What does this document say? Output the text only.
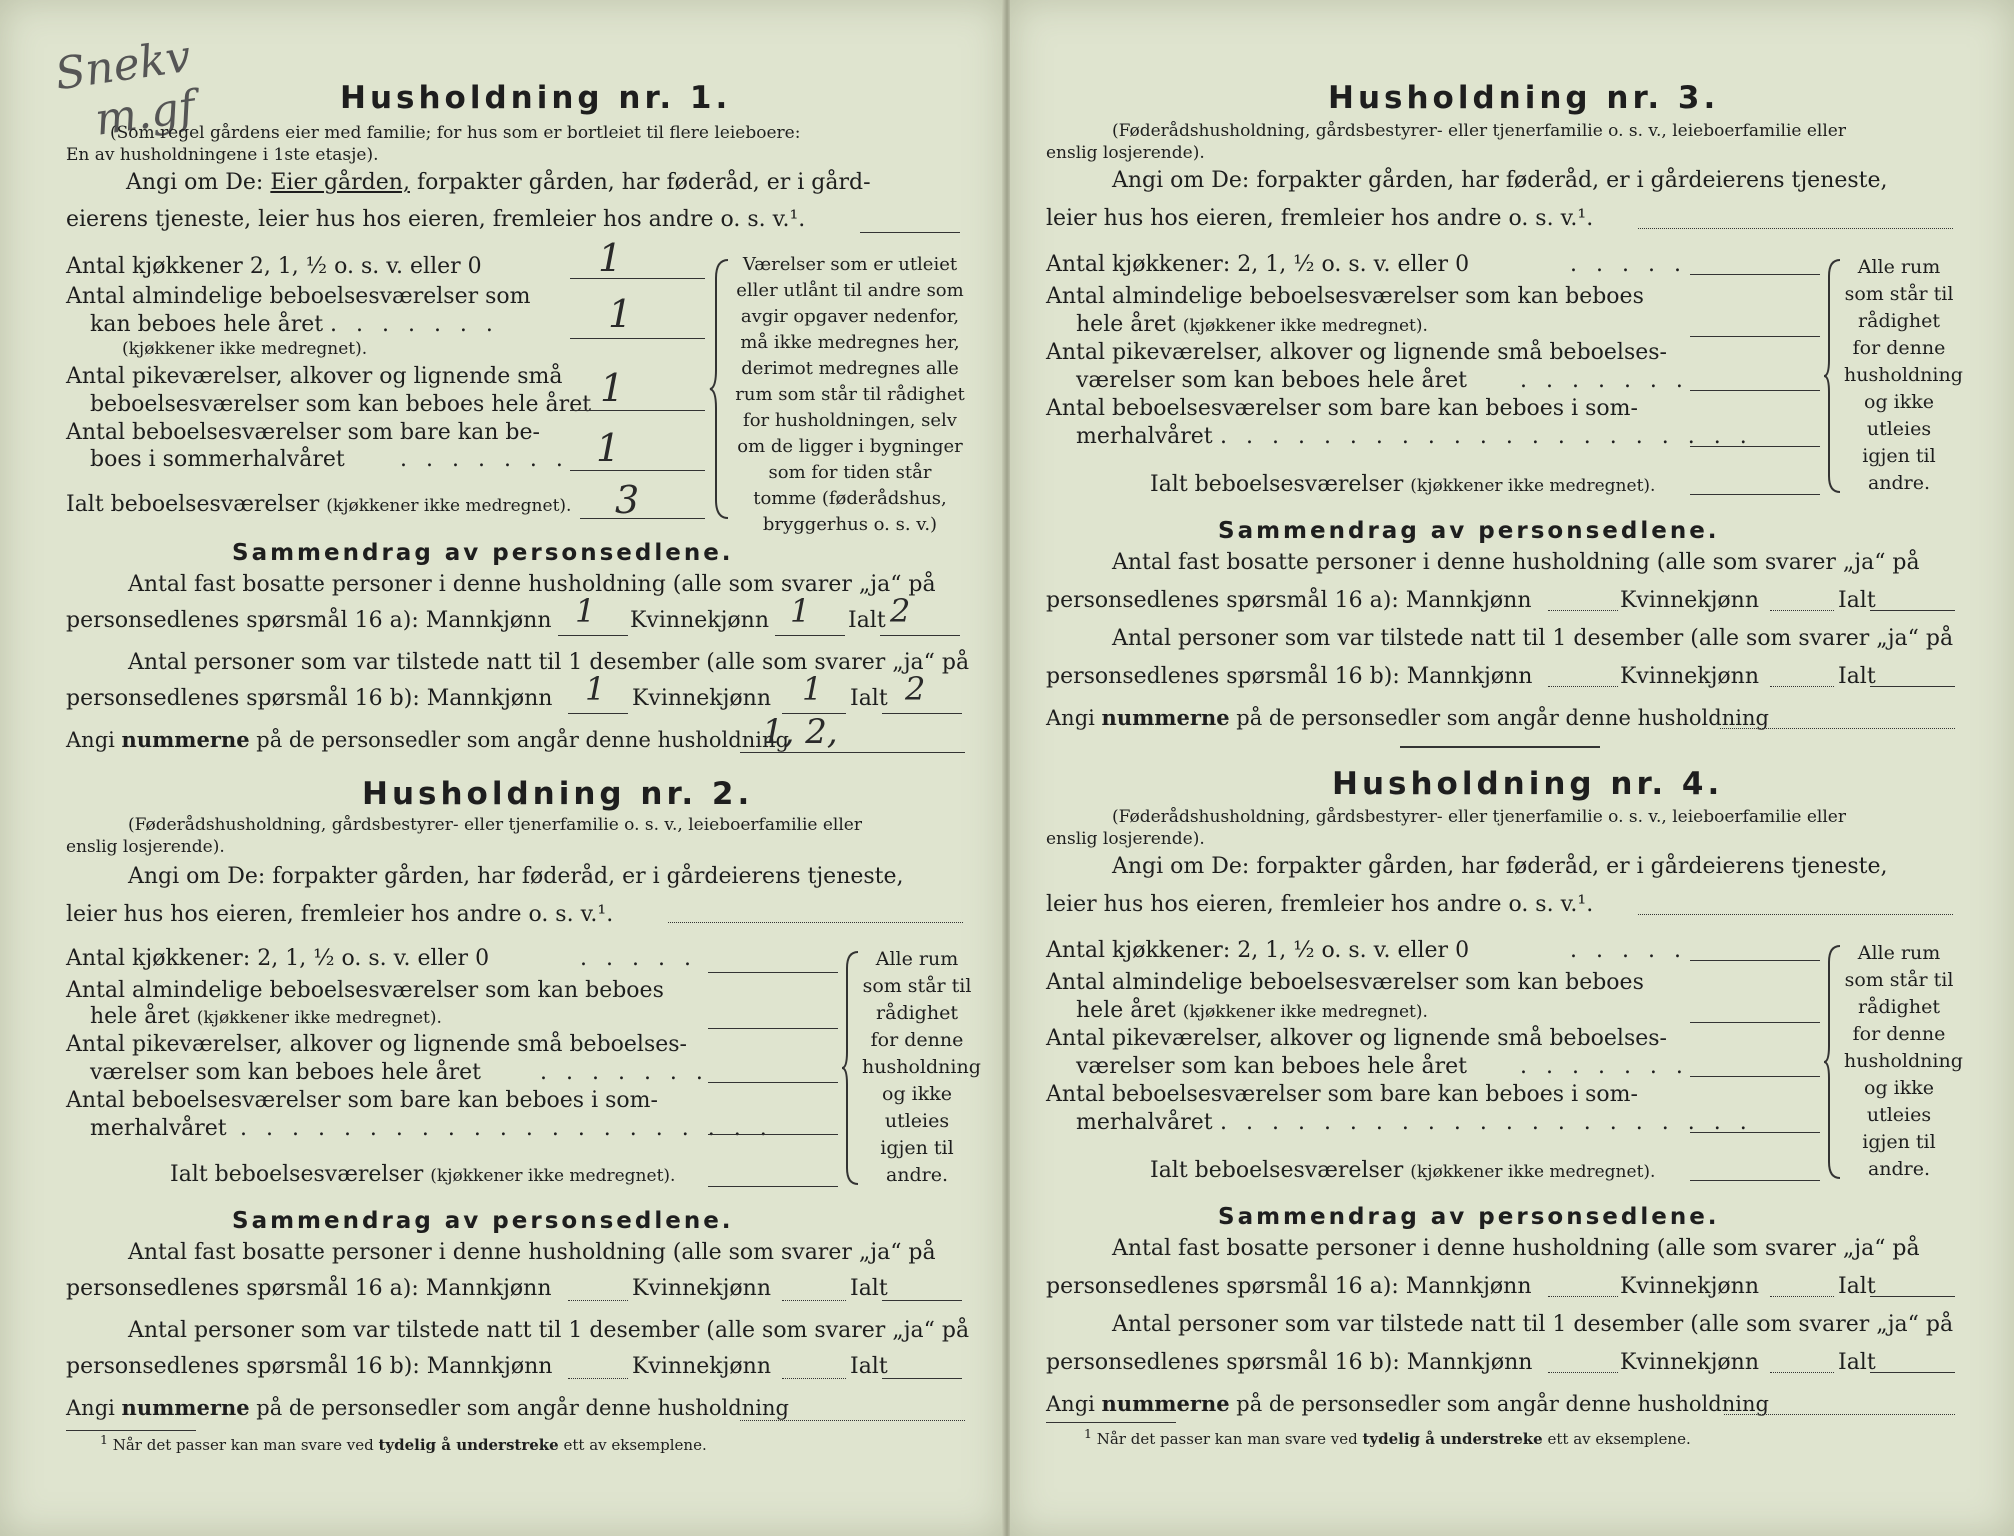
Snekv
m.gf	Husholdning nr. 1.
(Som regel gårdens eier med familie; for hus som er bortleiet til flere leieboere:
En av husholdningene i 1ste etasje).
Angi om De: Eier gården, forpakter gården, har føderåd, er i gård-
eierens tjeneste, leier hus hos eieren, fremleier hos andre o. s. v.¹.
Antal kjøkkener 2, 1, ½ o. s. v. eller 0	1
Antal almindelige beboelsesværelser som
kan beboes hele året . . . . . . .
(kjøkkener ikke medregnet).
1
Antal pikeværelser, alkover og lignende små
beboelsesværelser som kan beboes hele året 1
Antal beboelsesværelser som bare kan be-
boes i sommerhalvåret	. . . . . . . 1
Ialt beboelsesværelser (kjøkkener ikke medregnet). 3
Værelser som er utleiet eller utlånt til andre som avgir opgaver nedenfor, må ikke medregnes her, derimot medregnes alle rum som står til rådighet for husholdningen, selv om de ligger i bygninger som for tiden står tomme (føderådshus, bryggerhus o. s. v.)
Sammendrag av personsedlene.
Antal fast bosatte personer i denne husholdning (alle som svarer „ja“ på
personsedlenes spørsmål 16 a): Mannkjønn 1 Kvinnekjønn 1 Ialt 2
Antal personer som var tilstede natt til 1 desember (alle som svarer „ja“ på
personsedlenes spørsmål 16 b): Mannkjønn 1 Kvinnekjønn 1 Ialt 2
Angi nummerne på de personsedler som angår denne husholdning
1, 2,
Husholdning nr. 2.
(Føderådshusholdning, gårdsbestyrer- eller tjenerfamilie o. s. v., leieboerfamilie eller
enslig losjerende).
Angi om De: forpakter gården, har føderåd, er i gårdeierens tjeneste,
leier hus hos eieren, fremleier hos andre o. s. v.¹.
Antal kjøkkener: 2, 1, ½ o. s. v. eller 0	. . . . .
Antal almindelige beboelsesværelser som kan beboes
hele året (kjøkkener ikke medregnet).
Antal pikeværelser, alkover og lignende små beboelses-
værelser som kan beboes hele året	. . . . . . .
Antal beboelsesværelser som bare kan beboes i som-
merhalvåret . . . . . . . . . . . . . . . . . . . . .
Ialt beboelsesværelser (kjøkkener ikke medregnet).
Alle rum som står til rådighet for denne husholdning og ikke utleies igjen til andre.
Sammendrag av personsedlene.
Antal fast bosatte personer i denne husholdning (alle som svarer „ja“ på
personsedlenes spørsmål 16 a): Mannkjønn	Kvinnekjønn	Ialt
Antal personer som var tilstede natt til 1 desember (alle som svarer „ja“ på
personsedlenes spørsmål 16 b): Mannkjønn	Kvinnekjønn	Ialt
Angi nummerne på de personsedler som angår denne husholdning
$^1$ Når det passer kan man svare ved tydelig å understreke ett av eksemplene.
Husholdning nr. 3.
(Føderådshusholdning, gårdsbestyrer- eller tjenerfamilie o. s. v., leieboerfamilie eller
enslig losjerende).
Angi om De: forpakter gården, har føderåd, er i gårdeierens tjeneste,
leier hus hos eieren, fremleier hos andre o. s. v.¹.
Antal kjøkkener: 2, 1, ½ o. s. v. eller 0	. . . . .
Antal almindelige beboelsesværelser som kan beboes
hele året (kjøkkener ikke medregnet).
Antal pikeværelser, alkover og lignende små beboelses-
værelser som kan beboes hele året . . . . . . .
Antal beboelsesværelser som bare kan beboes i som-
merhalvåret . . . . . . . . . . . . . . . . . . . . .
Ialt beboelsesværelser (kjøkkener ikke medregnet).
Alle rum som står til rådighet for denne husholdning og ikke utleies igjen til andre.
Sammendrag av personsedlene.
Antal fast bosatte personer i denne husholdning (alle som svarer „ja“ på
personsedlenes spørsmål 16 a): Mannkjønn	Kvinnekjønn	Ialt
Antal personer som var tilstede natt til 1 desember (alle som svarer „ja“ på
personsedlenes spørsmål 16 b): Mannkjønn	Kvinnekjønn	Ialt
Angi nummerne på de personsedler som angår denne husholdning
Husholdning nr. 4.
(Føderådshusholdning, gårdsbestyrer- eller tjenerfamilie o. s. v., leieboerfamilie eller
enslig losjerende).
Angi om De: forpakter gården, har føderåd, er i gårdeierens tjeneste,
leier hus hos eieren, fremleier hos andre o. s. v.¹.
Antal kjøkkener: 2, 1, ½ o. s. v. eller 0	. . . . .
Antal almindelige beboelsesværelser som kan beboes
hele året (kjøkkener ikke medregnet).
Antal pikeværelser, alkover og lignende små beboelses-
værelser som kan beboes hele året . . . . . . .
Antal beboelsesværelser som bare kan beboes i som-
merhalvåret . . . . . . . . . . . . . . . . . . . . .
Ialt beboelsesværelser (kjøkkener ikke medregnet).
Alle rum som står til rådighet for denne husholdning og ikke utleies igjen til andre.
Sammendrag av personsedlene.
Antal fast bosatte personer i denne husholdning (alle som svarer „ja“ på
personsedlenes spørsmål 16 a): Mannkjønn	Kvinnekjønn	Ialt
Antal personer som var tilstede natt til 1 desember (alle som svarer „ja“ på
personsedlenes spørsmål 16 b): Mannkjønn	Kvinnekjønn	Ialt
Angi nummerne på de personsedler som angår denne husholdning
$^1$ Når det passer kan man svare ved tydelig å understreke ett av eksemplene.
